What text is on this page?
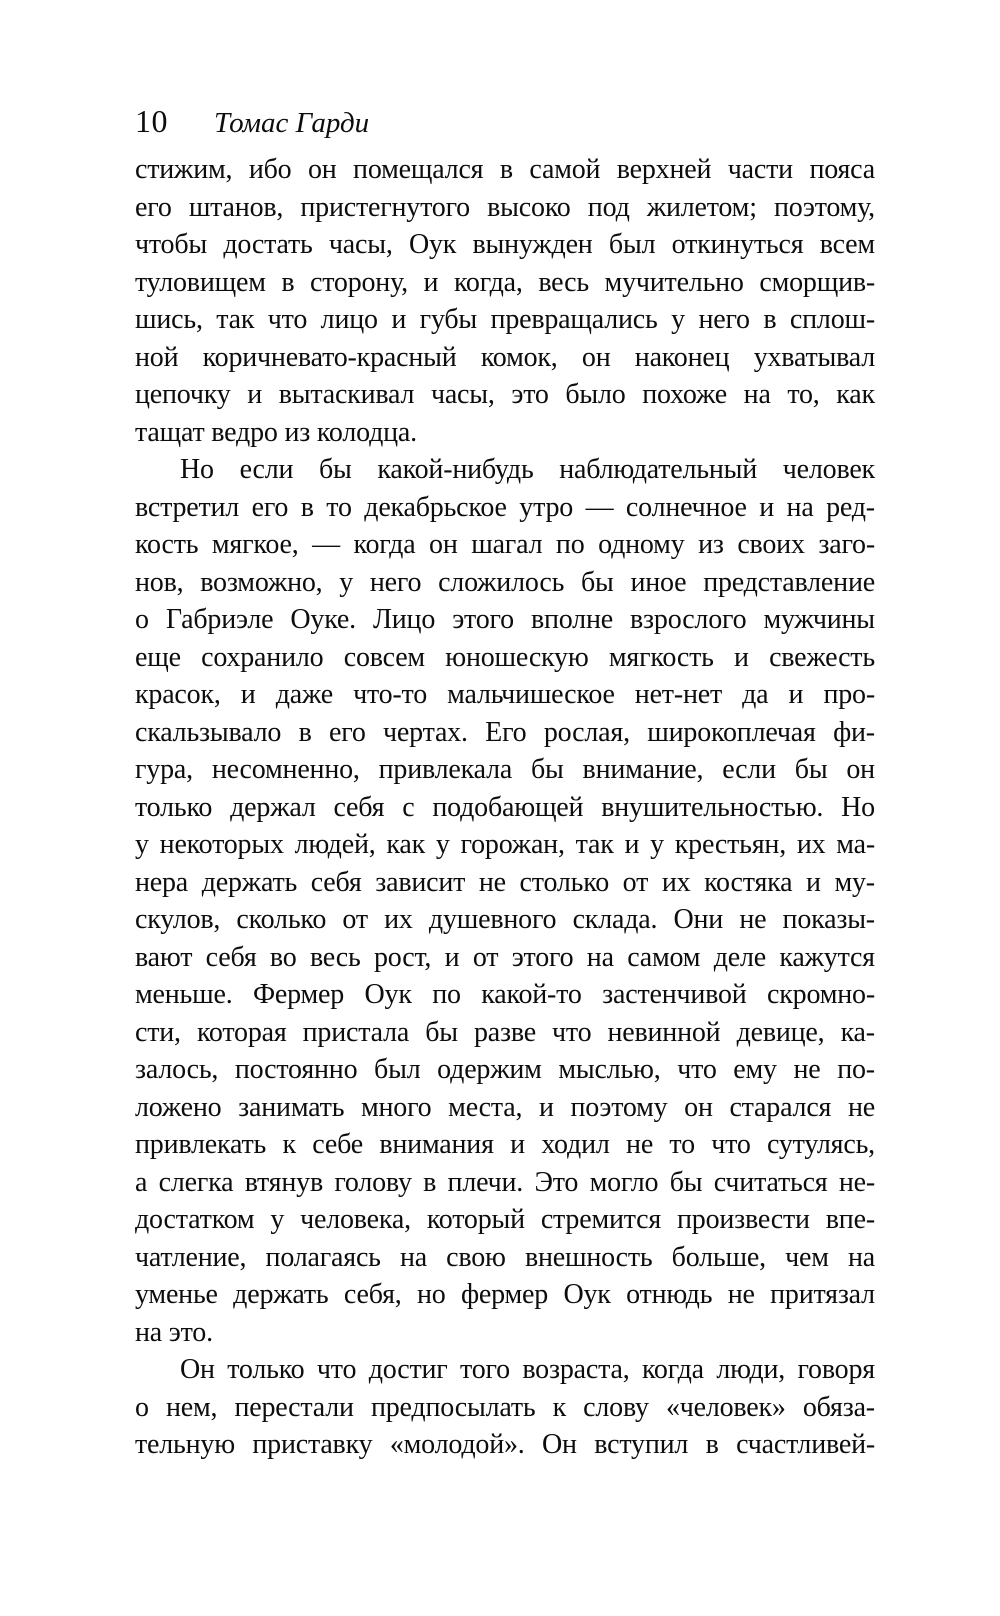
10 Томас Гарди
стижим, ибо он помещался в самой верхней части пояса
его штанов, пристегнутого высоко под жилетом; поэтому,
чтобы достать часы, Оук вынужден был откинуться всем
туловищем в сторону, и когда, весь мучительно сморщив-
шись, так что лицо и губы превращались у него в сплош-
ной коричневато-красный комок, он наконец ухватывал
цепочку и вытаскивал часы, это было похоже на то, как
тащат ведро из колодца.
Но если бы какой-нибудь наблюдательный человек
встретил его в то декабрьское утро — солнечное и на ред-
кость мягкое, — когда он шагал по одному из своих заго-
нов, возможно, у него сложилось бы иное представление
о Габриэле Оуке. Лицо этого вполне взрослого мужчины
еще сохранило совсем юношескую мягкость и свежесть
красок, и даже что-то мальчишеское нет-нет да и про-
скальзывало в его чертах. Его рослая, широкоплечая фи-
гура, несомненно, привлекала бы внимание, если бы он
только держал себя с подобающей внушительностью. Но
у некоторых людей, как у горожан, так и у крестьян, их ма-
нера держать себя зависит не столько от их костяка и му-
скулов, сколько от их душевного склада. Они не показы-
вают себя во весь рост, и от этого на самом деле кажутся
меньше. Фермер Оук по какой-то застенчивой скромно-
сти, которая пристала бы разве что невинной девице, ка-
залось, постоянно был одержим мыслью, что ему не по-
ложено занимать много места, и поэтому он старался не
привлекать к себе внимания и ходил не то что сутулясь,
а слегка втянув голову в плечи. Это могло бы считаться не-
достатком у человека, который стремится произвести впе-
чатление, полагаясь на свою внешность больше, чем на
уменье держать себя, но фермер Оук отнюдь не притязал
на это.
Он только что достиг того возраста, когда люди, говоря
о нем, перестали предпосылать к слову «человек» обяза-
тельную приставку «молодой». Он вступил в счастливей-
